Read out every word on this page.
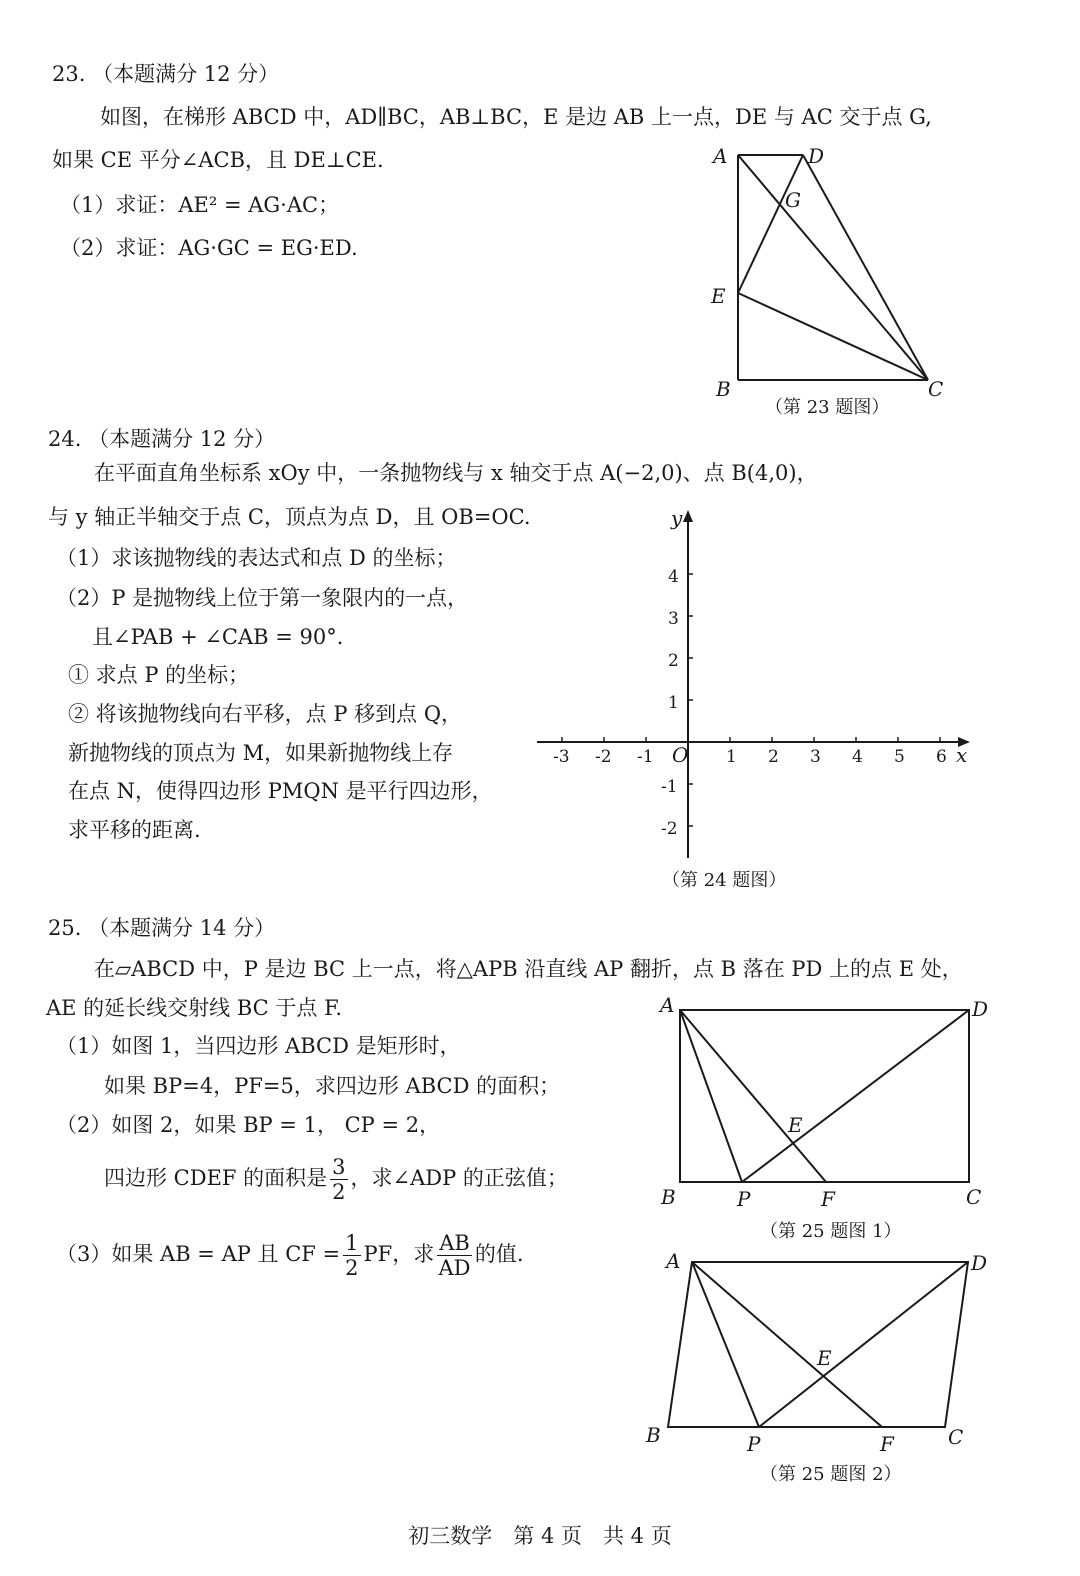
23. （本题满分 12 分）
如图，在梯形 ABCD 中，AD∥BC，AB⊥BC，E 是边 AB 上一点，DE 与 AC 交于点 G,
如果 CE 平分∠ACB，且 DE⊥CE.
（1）求证：AE² = AG·AC；
（2）求证：AG·GC = EG·ED.
A	D
G
E
B	C
（第 23 题图）
24. （本题满分 12 分）
在平面直角坐标系 xOy 中，一条抛物线与 x 轴交于点 A(−2,0)、点 B(4,0)，
与 y 轴正半轴交于点 C，顶点为点 D，且 OB=OC.
（1）求该抛物线的表达式和点 D 的坐标；
（2）P 是抛物线上位于第一象限内的一点，
且∠PAB + ∠CAB = 90°.
① 求点 P 的坐标；
② 将该抛物线向右平移，点 P 移到点 Q，
新抛物线的顶点为 M，如果新抛物线上存
在点 N，使得四边形 PMQN 是平行四边形，
求平移的距离.
x
y
O
-3 -2 -1	1 2 3 4 5 6
4
3
2
1
-1
-2
（第 24 题图）
25. （本题满分 14 分）
在▱ABCD 中，P 是边 BC 上一点，将△APB 沿直线 AP 翻折，点 B 落在 PD 上的点 E 处，
AE 的延长线交射线 BC 于点 F.
（1）如图 1，当四边形 ABCD 是矩形时，
如果 BP=4，PF=5，求四边形 ABCD 的面积；
（2）如图 2，如果 BP = 1， CP = 2，
四边形 CDEF 的面积是 $\frac{3}{2}$ ，求∠ADP 的正弦值；
（3）如果 AB = AP 且 CF = $\frac{1}{2}$ PF，求 $\frac{AB}{AD}$ 的值.
A	D
E
B	P	F	C
（第 25 题图 1）
A	D
E
B	P	F	C
（第 25 题图 2）
初三数学　第 4 页　共 4 页
